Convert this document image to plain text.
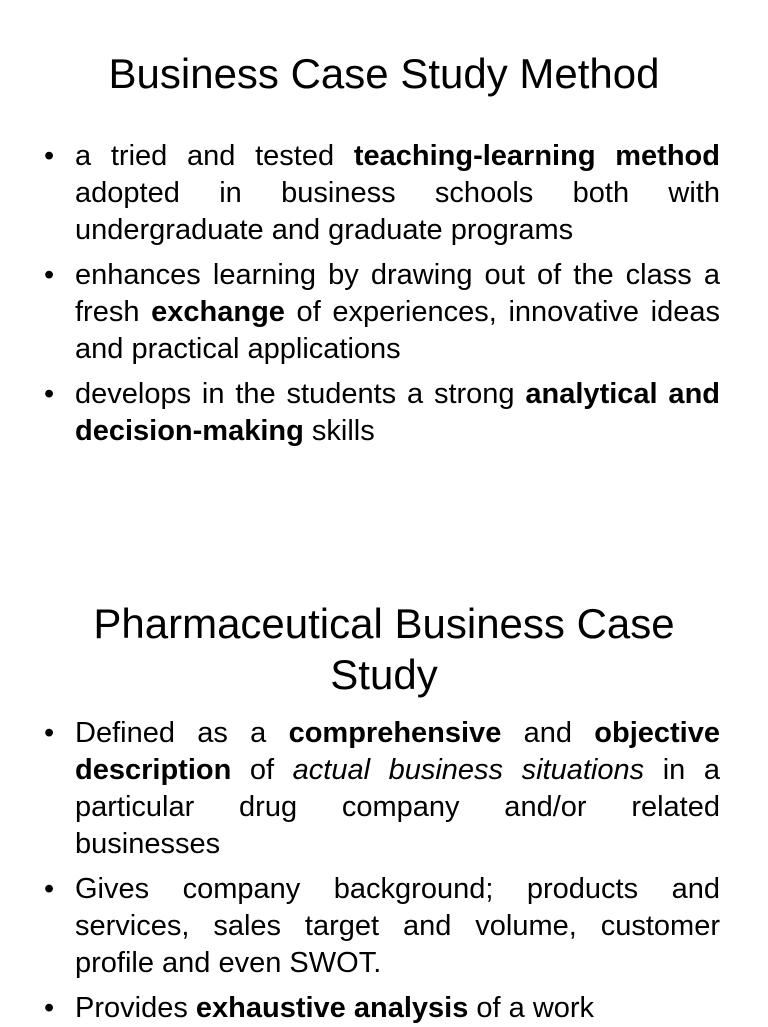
Business Case Study Method
• a tried and tested teaching-learning method adopted in business schools both with undergraduate and graduate programs
• enhances learning by drawing out of the class a fresh exchange of experiences, innovative ideas and practical applications
• develops in the students a strong analytical and decision-making skills
Pharmaceutical Business Case
Study
• Defined as a comprehensive and objective description of actual business situations in a particular drug company and/or related businesses
• Gives company background; products and services, sales target and volume, customer profile and even SWOT.
• Provides exhaustive analysis of a work
